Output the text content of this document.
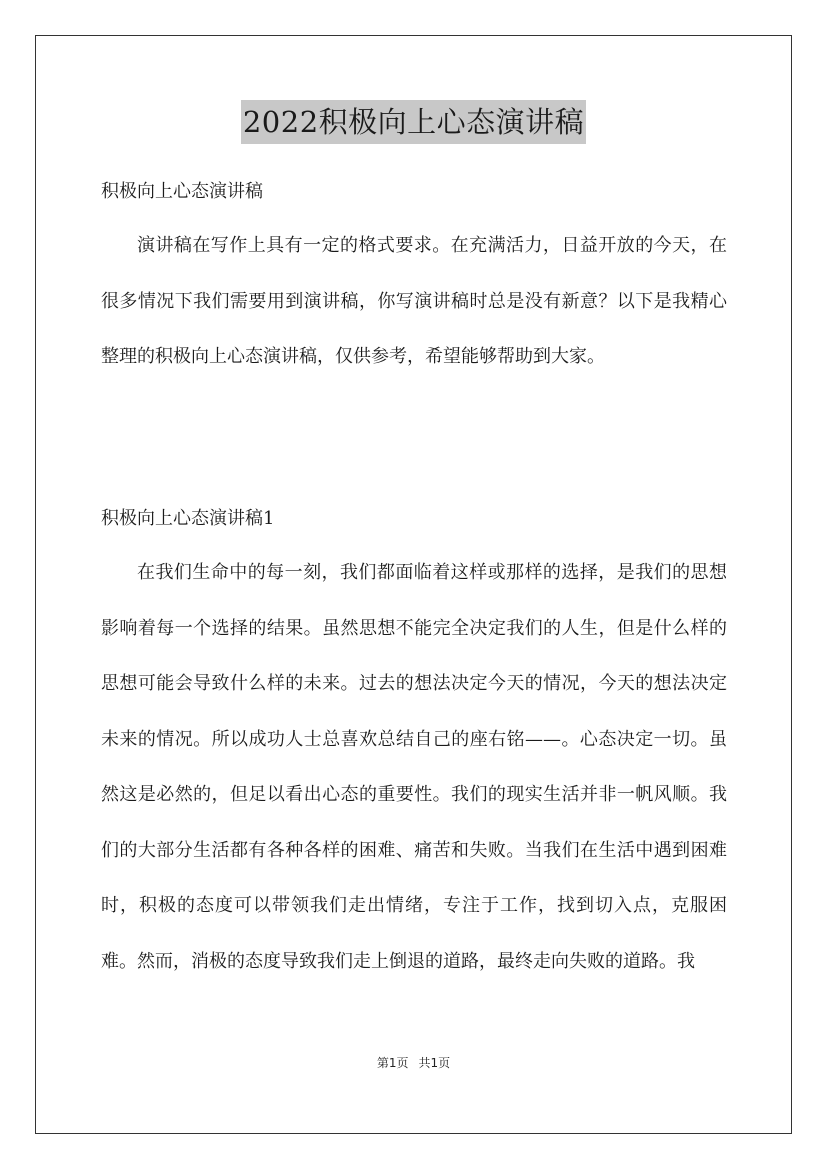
2022积极向上心态演讲稿

积极向上心态演讲稿

演讲稿在写作上具有一定的格式要求。在充满活力，日益开放的今天，在很多情况下我们需要用到演讲稿，你写演讲稿时总是没有新意？以下是我精心整理的积极向上心态演讲稿，仅供参考，希望能够帮助到大家。

积极向上心态演讲稿1

在我们生命中的每一刻，我们都面临着这样或那样的选择，是我们的思想影响着每一个选择的结果。虽然思想不能完全决定我们的人生，但是什么样的思想可能会导致什么样的未来。过去的想法决定今天的情况，今天的想法决定未来的情况。所以成功人士总喜欢总结自己的座右铭——。心态决定一切。虽然这是必然的，但足以看出心态的重要性。我们的现实生活并非一帆风顺。我们的大部分生活都有各种各样的困难、痛苦和失败。当我们在生活中遇到困难时，积极的态度可以带领我们走出情绪，专注于工作，找到切入点，克服困难。然而，消极的态度导致我们走上倒退的道路，最终走向失败的道路。我

第1页 共1页
